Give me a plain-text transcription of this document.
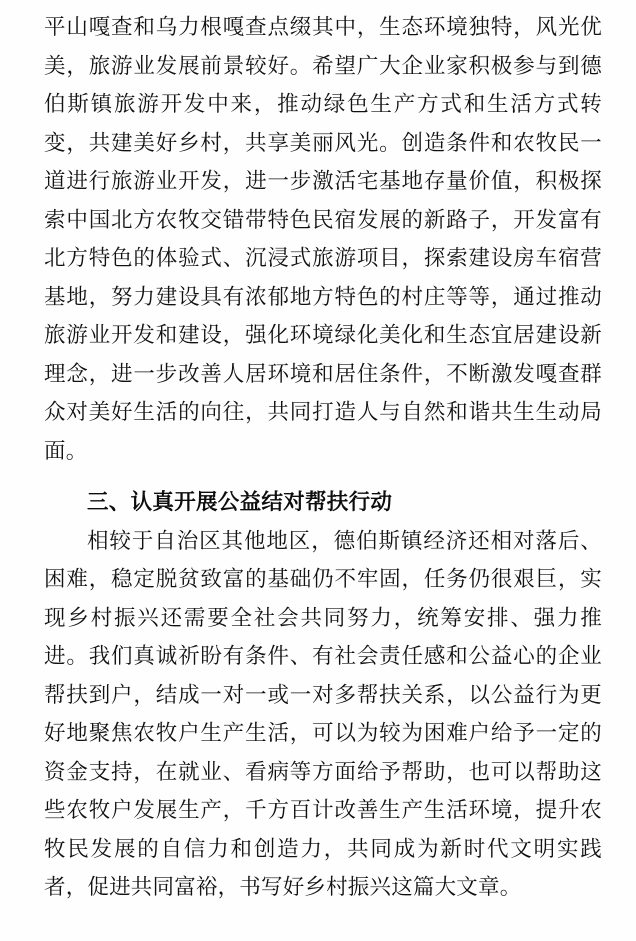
平山嘎查和乌力根嘎查点缀其中，生态环境独特，风光优美，旅游业发展前景较好。希望广大企业家积极参与到德伯斯镇旅游开发中来，推动绿色生产方式和生活方式转变，共建美好乡村，共享美丽风光。创造条件和农牧民一道进行旅游业开发，进一步激活宅基地存量价值，积极探索中国北方农牧交错带特色民宿发展的新路子，开发富有北方特色的体验式、沉浸式旅游项目，探索建设房车宿营基地，努力建设具有浓郁地方特色的村庄等等，通过推动旅游业开发和建设，强化环境绿化美化和生态宜居建设新理念，进一步改善人居环境和居住条件，不断激发嘎查群众对美好生活的向往，共同打造人与自然和谐共生生动局面。

三、认真开展公益结对帮扶行动

相较于自治区其他地区，德伯斯镇经济还相对落后、困难，稳定脱贫致富的基础仍不牢固，任务仍很艰巨，实现乡村振兴还需要全社会共同努力，统筹安排、强力推进。我们真诚祈盼有条件、有社会责任感和公益心的企业帮扶到户，结成一对一或一对多帮扶关系，以公益行为更好地聚焦农牧户生产生活，可以为较为困难户给予一定的资金支持，在就业、看病等方面给予帮助，也可以帮助这些农牧户发展生产，千方百计改善生产生活环境，提升农牧民发展的自信力和创造力，共同成为新时代文明实践者，促进共同富裕，书写好乡村振兴这篇大文章。
